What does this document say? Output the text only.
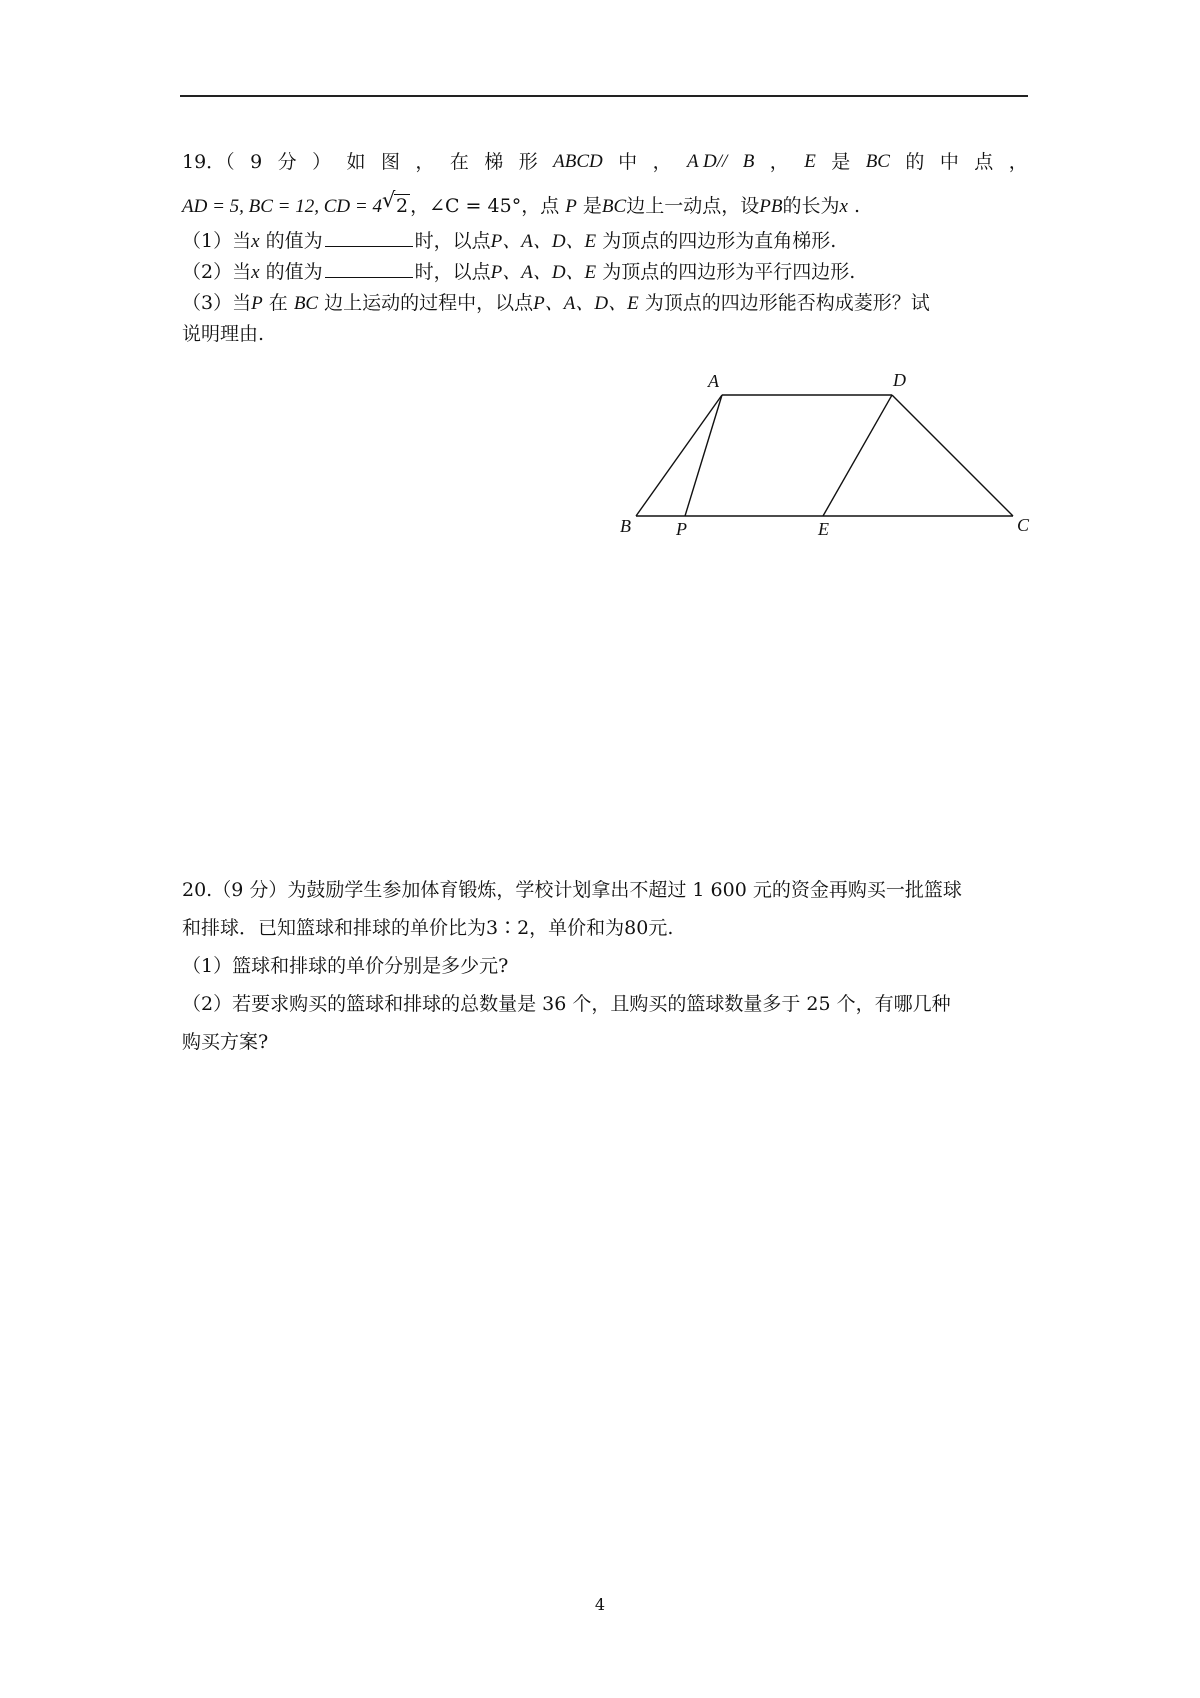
19．（ 9 分 ） 如 图 ， 在 梯 形 ABCD 中 ， A D// B ， E 是 BC 的 中 点 ，
AD = 5, BC = 12, CD = 4 √ 2 ，∠C = 45°，点 P 是BC边上一动点，设PB的长为x .
（1）当x 的值为	时，以点P、A、D、E 为顶点的四边形为直角梯形.
（2）当x 的值为	时，以点P、A、D、E 为顶点的四边形为平行四边形.
（3）当P 在 BC 边上运动的过程中，以点P、A、D、E 为顶点的四边形能否构成菱形？试
说明理由.
A	D
B	P	E	C
20.（9 分）为鼓励学生参加体育锻炼，学校计划拿出不超过 1 600 元的资金再购买一批篮球
和排球．已知篮球和排球的单价比为3∶2，单价和为80元.
（1）篮球和排球的单价分别是多少元?
（2）若要求购买的篮球和排球的总数量是 36 个，且购买的篮球数量多于 25 个，有哪几种
购买方案?
4
